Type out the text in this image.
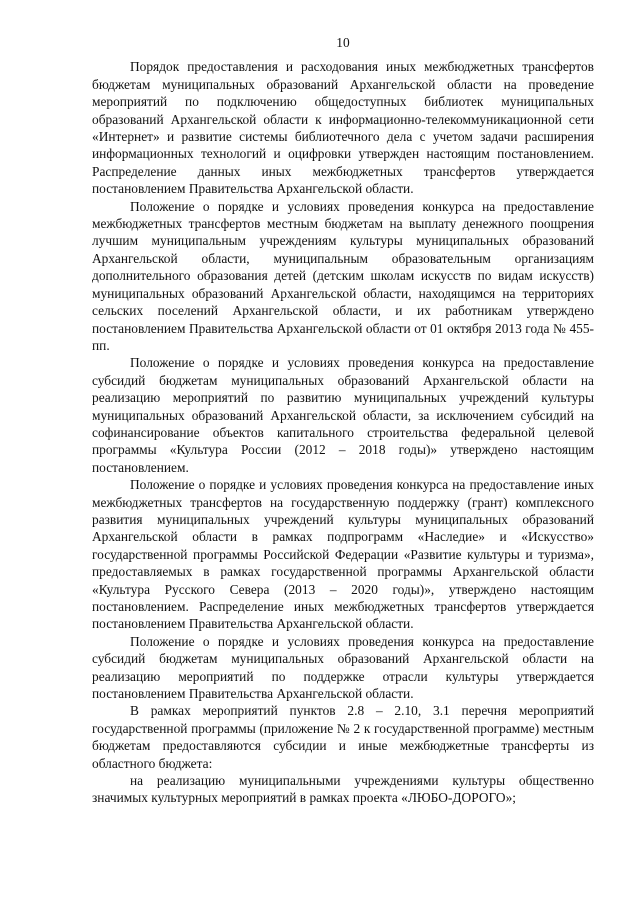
10

Порядок предоставления и расходования иных межбюджетных трансфертов бюджетам муниципальных образований Архангельской области на проведение мероприятий по подключению общедоступных библиотек муниципальных образований Архангельской области к информационно-телекоммуникационной сети «Интернет» и развитие системы библиотечного дела с учетом задачи расширения информационных технологий и оцифровки утвержден настоящим постановлением. Распределение данных иных межбюджетных трансфертов утверждается постановлением Правительства Архангельской области.

Положение о порядке и условиях проведения конкурса на предоставление межбюджетных трансфертов местным бюджетам на выплату денежного поощрения лучшим муниципальным учреждениям культуры муниципальных образований Архангельской области, муниципальным образовательным организациям дополнительного образования детей (детским школам искусств по видам искусств) муниципальных образований Архангельской области, находящимся на территориях сельских поселений Архангельской области, и их работникам утверждено постановлением Правительства Архангельской области от 01 октября 2013 года № 455-пп.

Положение о порядке и условиях проведения конкурса на предоставление субсидий бюджетам муниципальных образований Архангельской области на реализацию мероприятий по развитию муниципальных учреждений культуры муниципальных образований Архангельской области, за исключением субсидий на софинансирование объектов капитального строительства федеральной целевой программы «Культура России (2012 – 2018 годы)» утверждено настоящим постановлением.

Положение о порядке и условиях проведения конкурса на предоставление иных межбюджетных трансфертов на государственную поддержку (грант) комплексного развития муниципальных учреждений культуры муниципальных образований Архангельской области в рамках подпрограмм «Наследие» и «Искусство» государственной программы Российской Федерации «Развитие культуры и туризма», предоставляемых в рамках государственной программы Архангельской области «Культура Русского Севера (2013 – 2020 годы)», утверждено настоящим постановлением. Распределение иных межбюджетных трансфертов утверждается постановлением Правительства Архангельской области.

Положение о порядке и условиях проведения конкурса на предоставление субсидий бюджетам муниципальных образований Архангельской области на реализацию мероприятий по поддержке отрасли культуры утверждается постановлением Правительства Архангельской области.

В рамках мероприятий пунктов 2.8 – 2.10, 3.1 перечня мероприятий государственной программы (приложение № 2 к государственной программе) местным бюджетам предоставляются субсидии и иные межбюджетные трансферты из областного бюджета:

на реализацию муниципальными учреждениями культуры общественно значимых культурных мероприятий в рамках проекта «ЛЮБО-ДОРОГО»;
